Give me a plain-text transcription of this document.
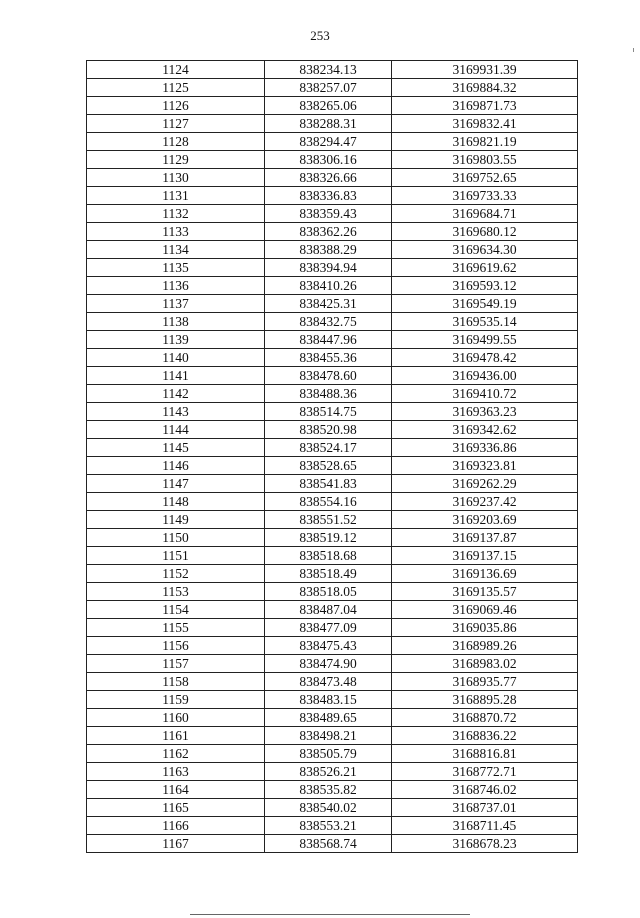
253
1124	838234.13	3169931.39
1125	838257.07	3169884.32
1126	838265.06	3169871.73
1127	838288.31	3169832.41
1128	838294.47	3169821.19
1129	838306.16	3169803.55
1130	838326.66	3169752.65
1131	838336.83	3169733.33
1132	838359.43	3169684.71
1133	838362.26	3169680.12
1134	838388.29	3169634.30
1135	838394.94	3169619.62
1136	838410.26	3169593.12
1137	838425.31	3169549.19
1138	838432.75	3169535.14
1139	838447.96	3169499.55
1140	838455.36	3169478.42
1141	838478.60	3169436.00
1142	838488.36	3169410.72
1143	838514.75	3169363.23
1144	838520.98	3169342.62
1145	838524.17	3169336.86
1146	838528.65	3169323.81
1147	838541.83	3169262.29
1148	838554.16	3169237.42
1149	838551.52	3169203.69
1150	838519.12	3169137.87
1151	838518.68	3169137.15
1152	838518.49	3169136.69
1153	838518.05	3169135.57
1154	838487.04	3169069.46
1155	838477.09	3169035.86
1156	838475.43	3168989.26
1157	838474.90	3168983.02
1158	838473.48	3168935.77
1159	838483.15	3168895.28
1160	838489.65	3168870.72
1161	838498.21	3168836.22
1162	838505.79	3168816.81
1163	838526.21	3168772.71
1164	838535.82	3168746.02
1165	838540.02	3168737.01
1166	838553.21	3168711.45
1167	838568.74	3168678.23
